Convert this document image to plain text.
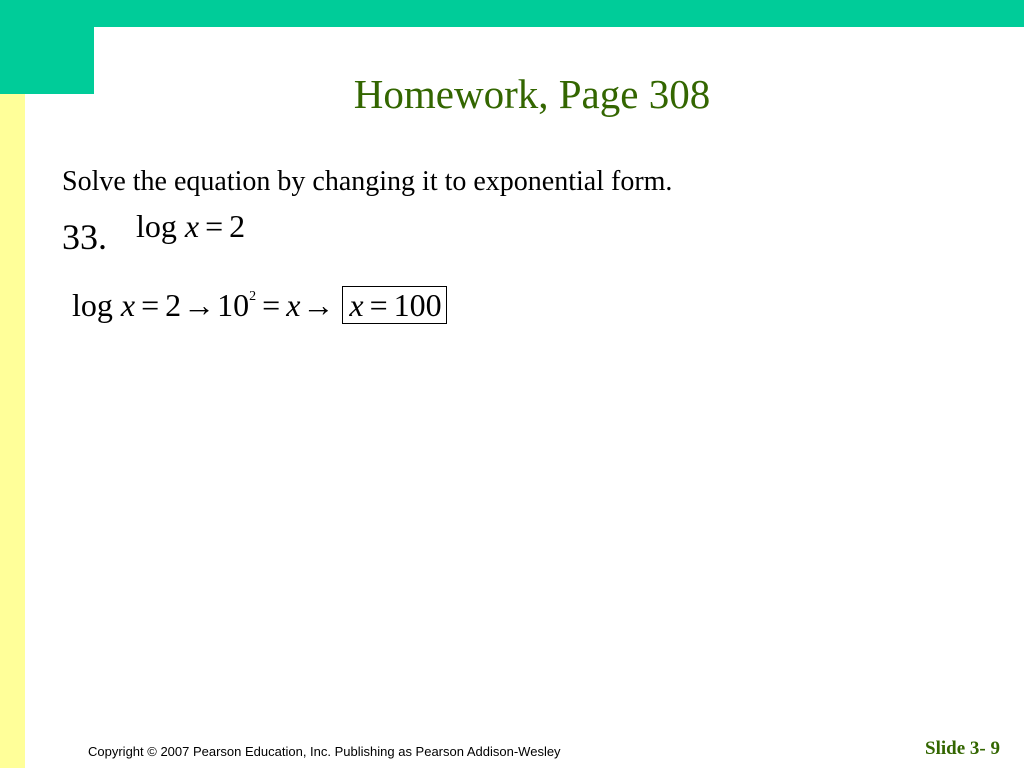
Homework, Page 308
Solve the equation by changing it to exponential form.
33. log x = 2
$\log x = 2\to 10^2 = x\to x = 100$
Copyright © 2007 Pearson Education, Inc. Publishing as Pearson Addison-Wesley	Slide 3- 9
